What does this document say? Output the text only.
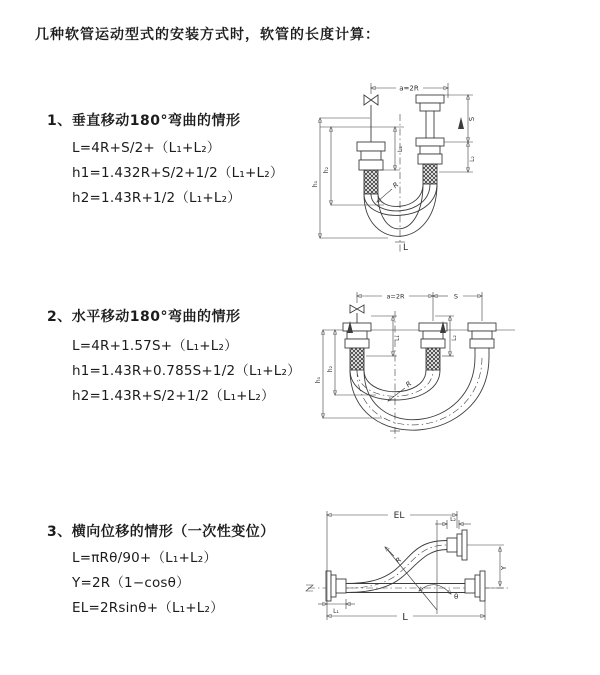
几种软管运动型式的安装方式时，软管的长度计算：
1、垂直移动180°弯曲的情形
L=4R+S/2+（L₁+L₂）
h1=1.432R+S/2+1/2（L₁+L₂）
h2=1.43R+1/2（L₁+L₂）
2、水平移动180°弯曲的情形
L=4R+1.57S+（L₁+L₂）
h1=1.43R+0.785S+1/2（L₁+L₂）
h2=1.43R+S/2+1/2（L₁+L₂）
3、横向位移的情形（一次性变位）
L=πRθ/90+（L₁+L₂）
Y=2R（1−cosθ）
EL=2Rsinθ+（L₁+L₂）
a=2R
L₁
S
L₂
R
h₁
h₂
L
a=2R	S
L₁	L₂
R
h₁
h₂
EL	L₂
Y
R
θ
L
L₁
